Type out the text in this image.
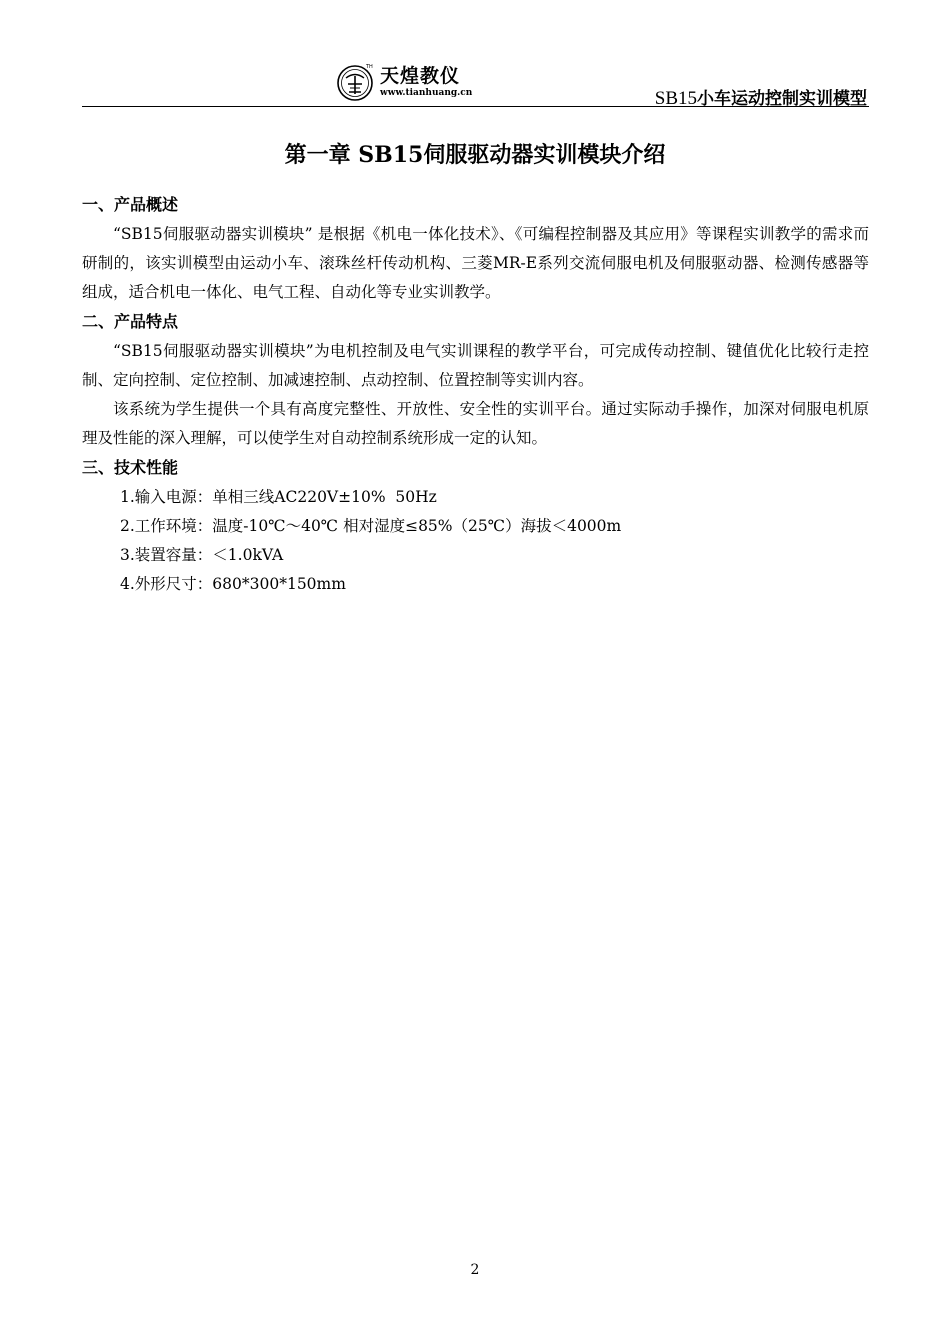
TH 天煌教仪
www.tianhuang.cn	SB15小车运动控制实训模型
第一章 SB15伺服驱动器实训模块介绍
一、产品概述
“SB15伺服驱动器实训模块” 是根据《机电一体化技术》、《可编程控制器及其应用》等课程实训教学的需求而研制的，该实训模型由运动小车、滚珠丝杆传动机构、三菱MR-E系列交流伺服电机及伺服驱动器、检测传感器等组成，适合机电一体化、电气工程、自动化等专业实训教学。
二、产品特点
“SB15伺服驱动器实训模块”为电机控制及电气实训课程的教学平台，可完成传动控制、键值优化比较行走控制、定向控制、定位控制、加减速控制、点动控制、位置控制等实训内容。
该系统为学生提供一个具有高度完整性、开放性、安全性的实训平台。通过实际动手操作，加深对伺服电机原理及性能的深入理解，可以使学生对自动控制系统形成一定的认知。
三、技术性能
1.输入电源：单相三线AC220V±10%  50Hz
2.工作环境：温度-10℃～40℃ 相对湿度≤85%（25℃）海拔＜4000m
3.装置容量：＜1.0kVA
4.外形尺寸：680*300*150mm
2
